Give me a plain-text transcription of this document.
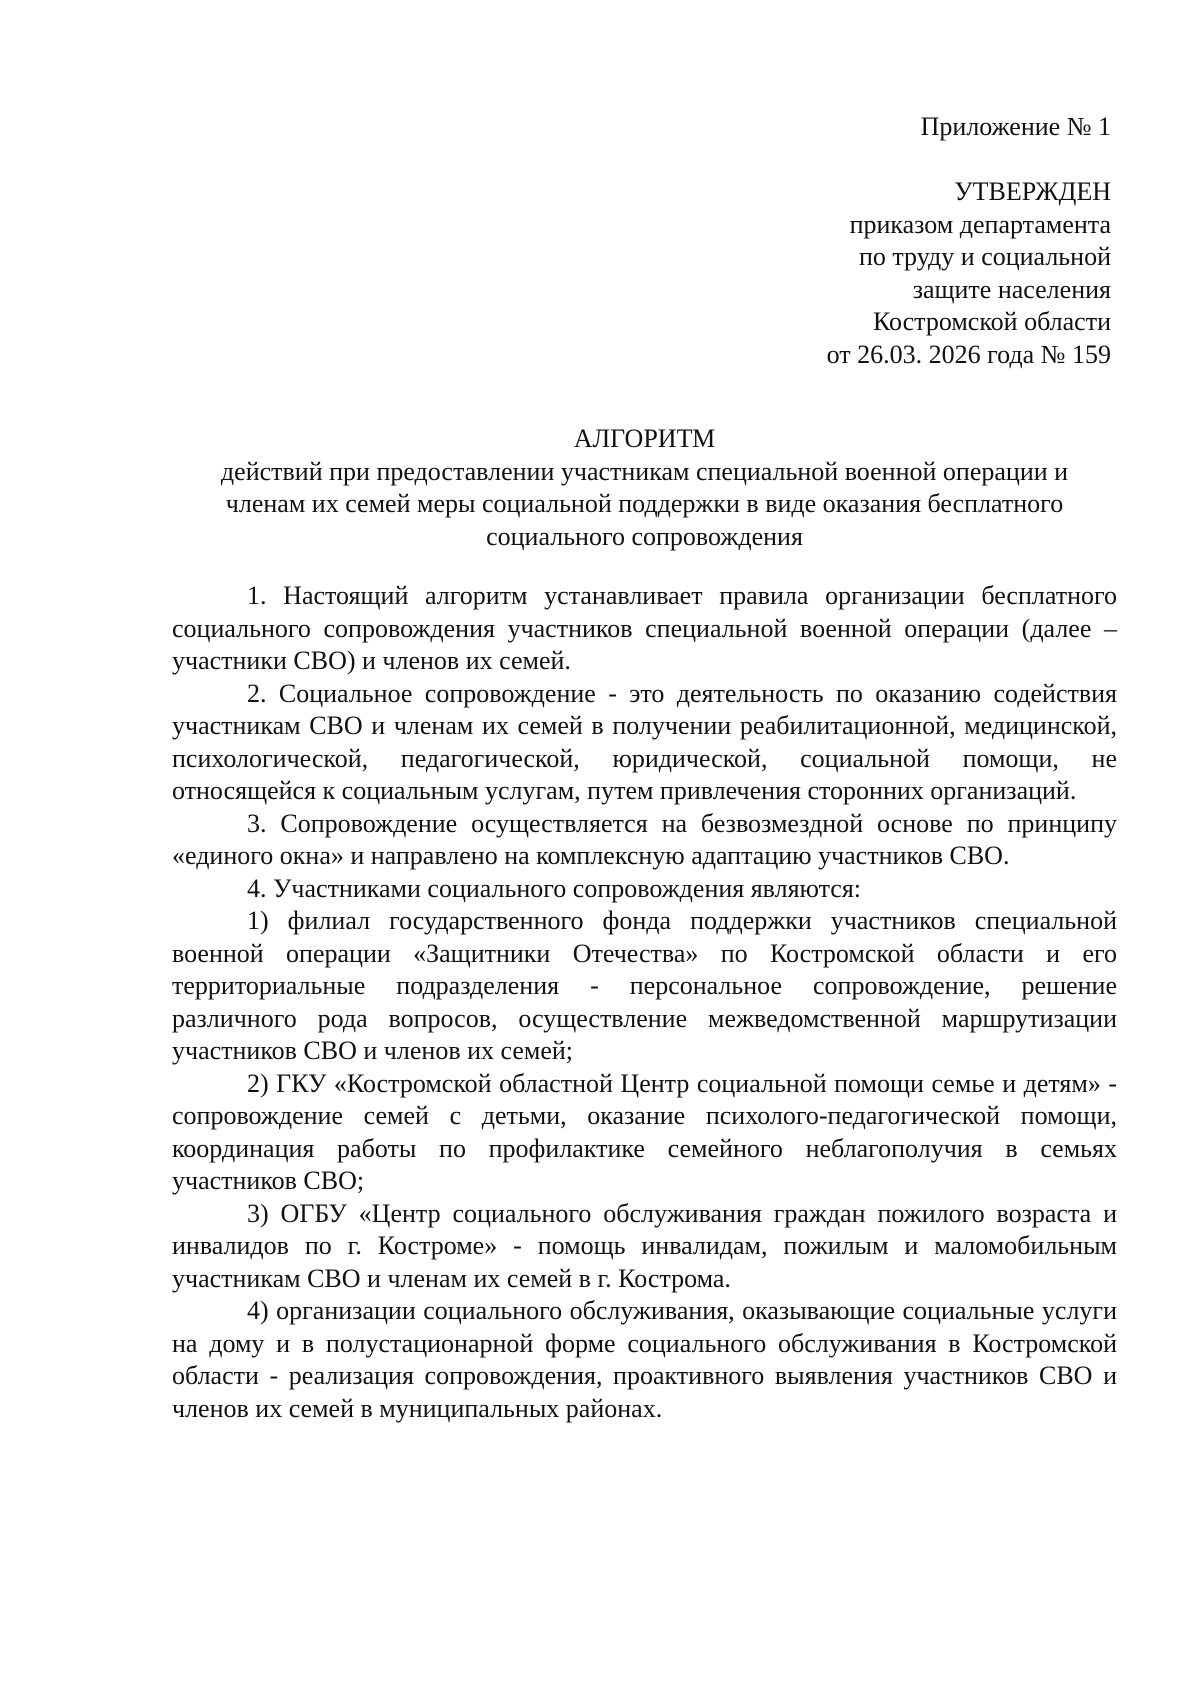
Приложение № 1
УТВЕРЖДЕН
приказом департамента
по труду и социальной
защите населения
Костромской области
от 26.03. 2026 года № 159
АЛГОРИТМ
действий при предоставлении участникам специальной военной операции и
членам их семей меры социальной поддержки в виде оказания бесплатного
социального сопровождения

1. Настоящий алгоритм устанавливает правила организации бесплатного социального сопровождения участников специальной военной операции (далее – участники СВО) и членов их семей.

2. Социальное сопровождение - это деятельность по оказанию содействия участникам СВО и членам их семей в получении реабилитационной, медицинской, психологической, педагогической, юридической, социальной помощи, не относящейся к социальным услугам, путем привлечения сторонних организаций.

3. Сопровождение осуществляется на безвозмездной основе по принципу «единого окна» и направлено на комплексную адаптацию участников СВО.

4. Участниками социального сопровождения являются:

1) филиал государственного фонда поддержки участников специальной военной операции «Защитники Отечества» по Костромской области и его территориальные подразделения - персональное сопровождение, решение различного рода вопросов, осуществление межведомственной маршрутизации участников СВО и членов их семей;

2) ГКУ «Костромской областной Центр социальной помощи семье и детям» - сопровождение семей с детьми, оказание психолого-педагогической помощи, координация работы по профилактике семейного неблагополучия в семьях участников СВО;

3) ОГБУ «Центр социального обслуживания граждан пожилого возраста и инвалидов по г. Костроме» - помощь инвалидам, пожилым и маломобильным участникам СВО и членам их семей в г. Кострома.

4) организации социального обслуживания, оказывающие социальные услуги на дому и в полустационарной форме социального обслуживания в Костромской области - реализация сопровождения, проактивного выявления участников СВО и членов их семей в муниципальных районах.
